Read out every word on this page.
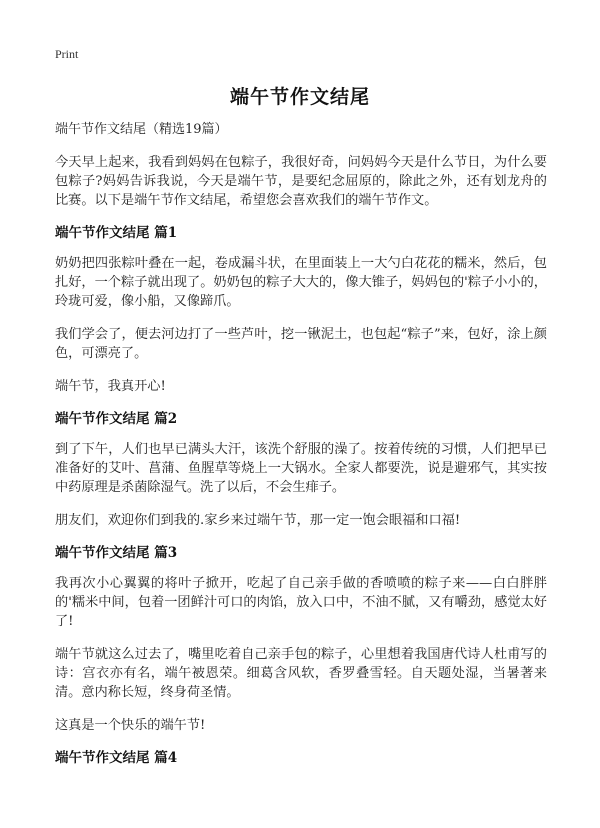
Print
端午节作文结尾

端午节作文结尾（精选19篇）

今天早上起来，我看到妈妈在包粽子，我很好奇，问妈妈今天是什么节日，为什么要包粽子?妈妈告诉我说，今天是端午节，是要纪念屈原的，除此之外，还有划龙舟的比赛。以下是端午节作文结尾，希望您会喜欢我们的端午节作文。

端午节作文结尾 篇1

奶奶把四张粽叶叠在一起，卷成漏斗状，在里面装上一大勺白花花的糯米，然后，包扎好，一个粽子就出现了。奶奶包的粽子大大的，像大锥子，妈妈包的'粽子小小的，玲珑可爱，像小船，又像蹄爪。

我们学会了，便去河边打了一些芦叶，挖一锹泥土，也包起“粽子”来，包好，涂上颜色，可漂亮了。

端午节，我真开心!

端午节作文结尾 篇2

到了下午，人们也早已满头大汗，该洗个舒服的澡了。按着传统的习惯，人们把早已准备好的艾叶、菖蒲、鱼腥草等烧上一大锅水。全家人都要洗，说是避邪气，其实按中药原理是杀菌除湿气。洗了以后，不会生痱子。

朋友们，欢迎你们到我的.家乡来过端午节，那一定一饱会眼福和口福!

端午节作文结尾 篇3

我再次小心翼翼的将叶子掀开，吃起了自己亲手做的香喷喷的粽子来——白白胖胖的'糯米中间，包着一团鲜汁可口的肉馅，放入口中，不油不腻，又有嚼劲，感觉太好了!

端午节就这么过去了，嘴里吃着自己亲手包的粽子，心里想着我国唐代诗人杜甫写的诗：宫衣亦有名，端午被恩荣。细葛含风软，香罗叠雪轻。自天题处湿，当暑著来清。意内称长短，终身荷圣情。

这真是一个快乐的端午节!

端午节作文结尾 篇4
